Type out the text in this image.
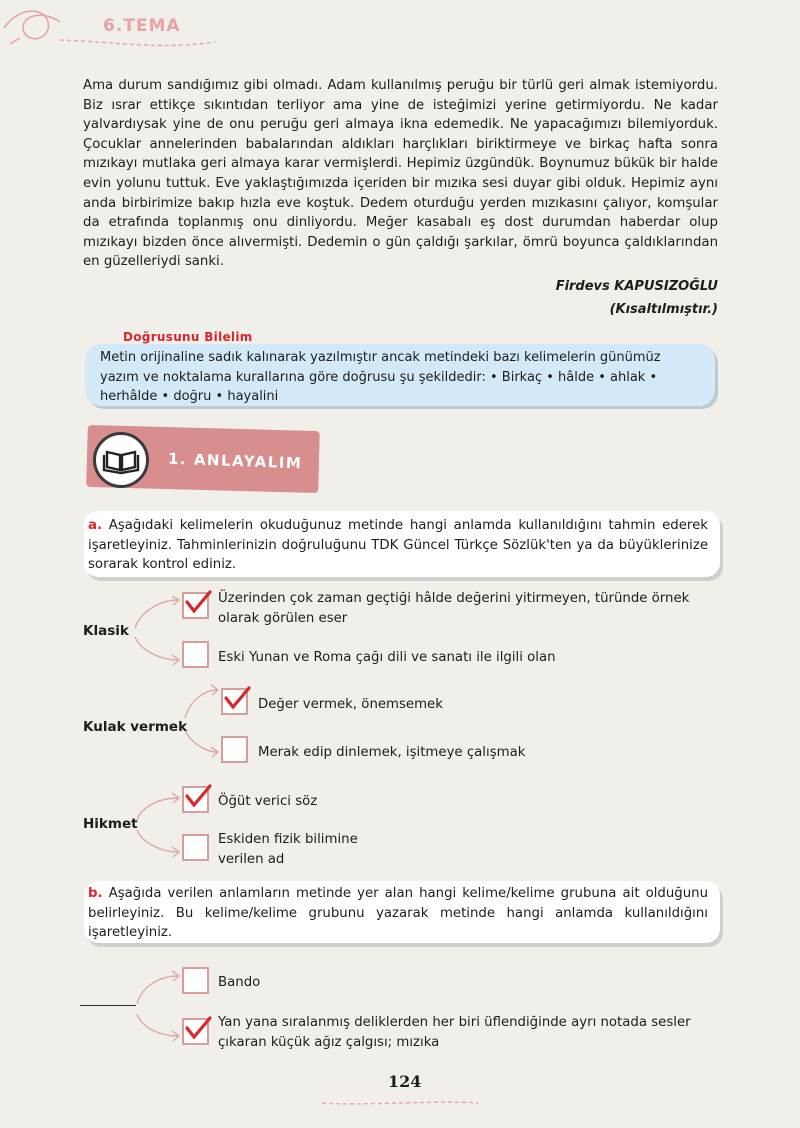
6.TEMA

Ama durum sandığımız gibi olmadı. Adam kullanılmış peruğu bir türlü geri almak istemiyordu. Biz ısrar ettikçe sıkıntıdan terliyor ama yine de isteğimizi yerine getirmiyordu. Ne kadar yalvardıysak yine de onu peruğu geri almaya ikna edemedik. Ne yapacağımızı bilemiyorduk. Çocuklar annelerinden babalarından aldıkları harçlıkları biriktirmeye ve birkaç hafta sonra mızıkayı mutlaka geri almaya karar vermişlerdi. Hepimiz üzgündük. Boynumuz bükük bir halde evin yolunu tuttuk. Eve yaklaştığımızda içeriden bir mızıka sesi duyar gibi olduk. Hepimiz aynı anda birbirimize bakıp hızla eve koştuk. Dedem oturduğu yerden mızıkasını çalıyor, komşular da etrafında toplanmış onu dinliyordu. Meğer kasabalı eş dost durumdan haberdar olup mızıkayı bizden önce alıvermişti. Dedemin o gün çaldığı şarkılar, ömrü boyunca çaldıklarından en güzelleriydi sanki.

Firdevs KAPUSIZOĞLU
(Kısaltılmıştır.)
Doğrusunu Bilelim
Metin orijinaline sadık kalınarak yazılmıştır ancak metindeki bazı kelimelerin günümüz yazım ve noktalama kurallarına göre doğrusu şu şekildedir: • Birkaç • hâlde • ahlak • herhâlde • doğru • hayalini
1. ANLAYALIM
a. Aşağıdaki kelimelerin okuduğunuz metinde hangi anlamda kullanıldığını tahmin ederek işaretleyiniz. Tahminlerinizin doğruluğunu TDK Güncel Türkçe Sözlük'ten ya da büyüklerinize sorarak kontrol ediniz.
Klasik
Üzerinden çok zaman geçtiği hâlde değerini yitirmeyen, türünde örnek olarak görülen eser
Eski Yunan ve Roma çağı dili ve sanatı ile ilgili olan
Kulak vermek
Değer vermek, önemsemek
Merak edip dinlemek, işitmeye çalışmak
Hikmet
Öğüt verici söz
Eskiden fizik bilimine verilen ad
b. Aşağıda verilen anlamların metinde yer alan hangi kelime/kelime grubuna ait olduğunu belirleyiniz. Bu kelime/kelime grubunu yazarak metinde hangi anlamda kullanıldığını işaretleyiniz.
Bando
Yan yana sıralanmış deliklerden her biri üflendiğinde ayrı notada sesler çıkaran küçük ağız çalgısı; mızıka
124
